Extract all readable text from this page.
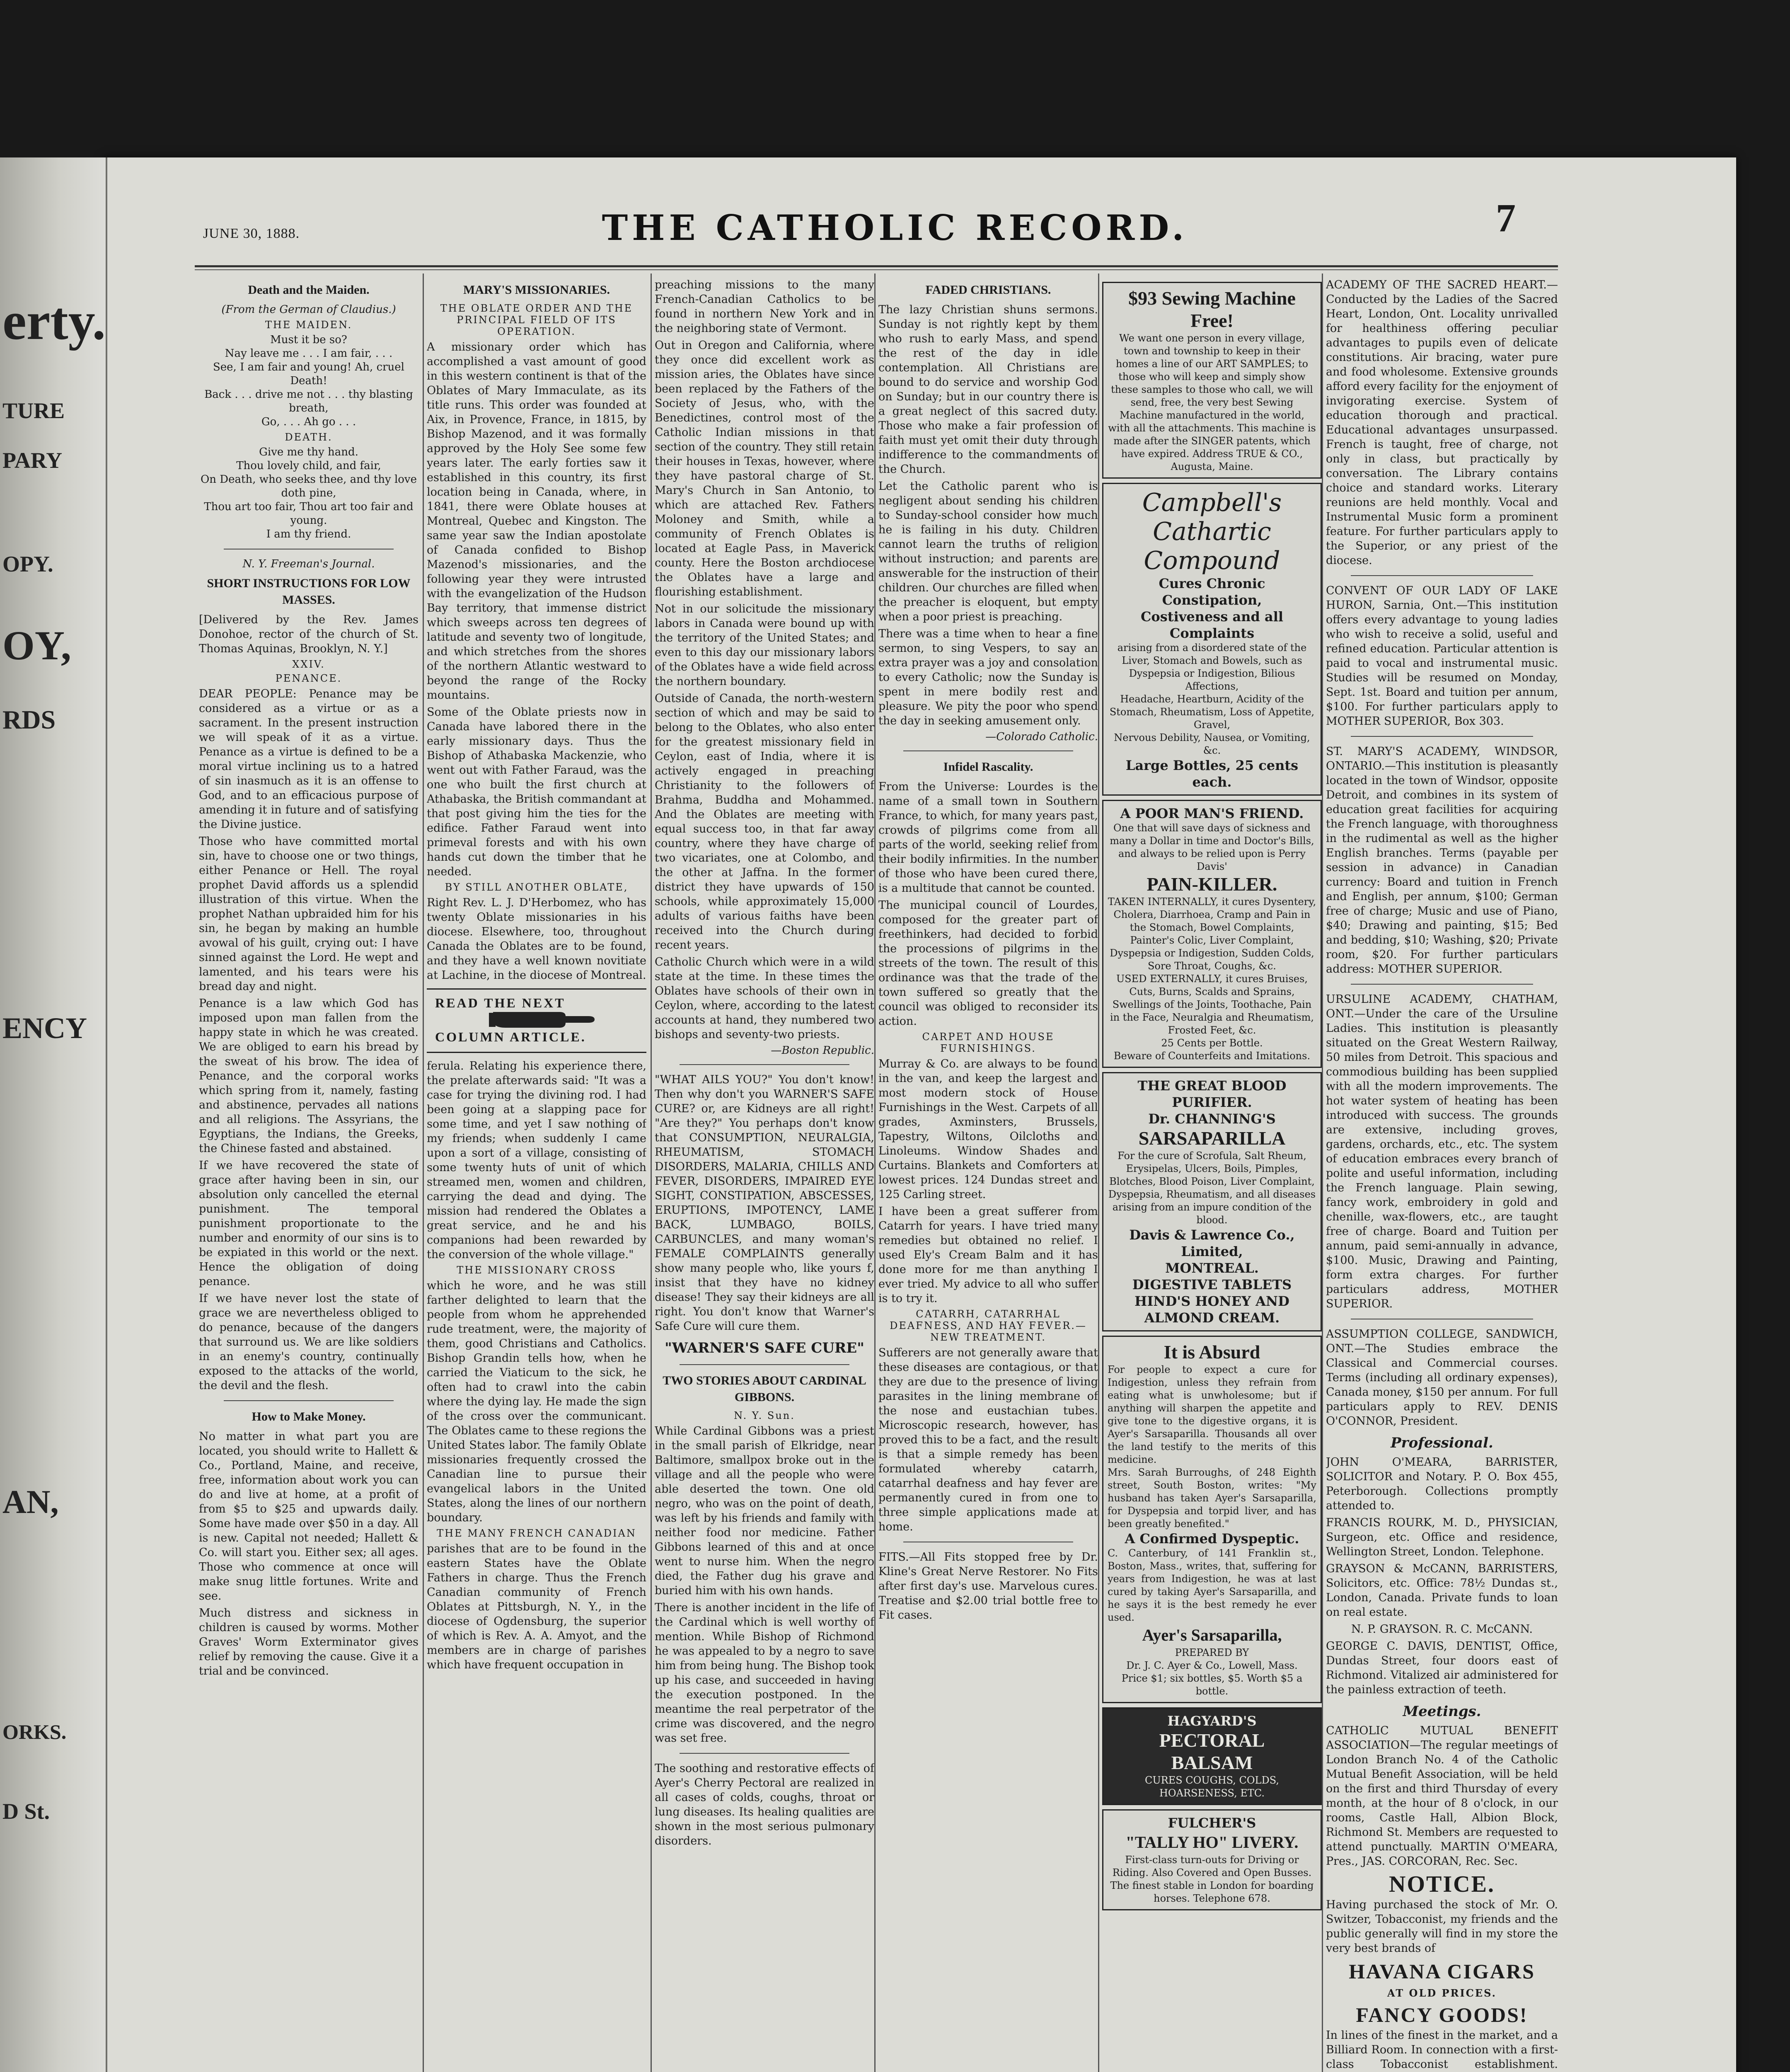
erty.
TURE
PARY
OPY.
OY,
RDS
ENCY
AN,
ORKS.
D St.
JUNE 30, 1888.	THE CATHOLIC RECORD.	7
Death and the Maiden.
(From the German of Claudius.)
THE MAIDEN.

Must it be so?

Nay leave me . . . I am fair, . . .

See, I am fair and young! Ah, cruel Death!

Back . . . drive me not . . . thy blasting breath,

Go, . . . Ah go . . .

DEATH.

Give me thy hand.

Thou lovely child, and fair,

On Death, who seeks thee, and thy love doth pine,

Thou art too fair, Thou art too fair and young.

I am thy friend.

N. Y. Freeman's Journal.
SHORT INSTRUCTIONS FOR LOW MASSES.

[Delivered by the Rev. James Donohoe, rector of the church of St. Thomas Aquinas, Brooklyn, N. Y.]

XXIV.
PENANCE.

DEAR PEOPLE: Penance may be considered as a virtue or as a sacrament. In the present instruction we will speak of it as a virtue. Penance as a virtue is defined to be a moral virtue inclining us to a hatred of sin inasmuch as it is an offense to God, and to an efficacious purpose of amending it in future and of satisfying the Divine justice.

Those who have committed mortal sin, have to choose one or two things, either Penance or Hell. The royal prophet David affords us a splendid illustration of this virtue. When the prophet Nathan upbraided him for his sin, he began by making an humble avowal of his guilt, crying out: I have sinned against the Lord. He wept and lamented, and his tears were his bread day and night.

Penance is a law which God has imposed upon man fallen from the happy state in which he was created. We are obliged to earn his bread by the sweat of his brow. The idea of Penance, and the corporal works which spring from it, namely, fasting and abstinence, pervades all nations and all religions. The Assyrians, the Egyptians, the Indians, the Greeks, the Chinese fasted and abstained.

If we have recovered the state of grace after having been in sin, our absolution only cancelled the eternal punishment. The temporal punishment proportionate to the number and enormity of our sins is to be expiated in this world or the next. Hence the obligation of doing penance.

If we have never lost the state of grace we are nevertheless obliged to do penance, because of the dangers that surround us. We are like soldiers in an enemy's country, continually exposed to the attacks of the world, the devil and the flesh.

How to Make Money.

No matter in what part you are located, you should write to Hallett & Co., Portland, Maine, and receive, free, information about work you can do and live at home, at a profit of from $5 to $25 and upwards daily. Some have made over $50 in a day. All is new. Capital not needed; Hallett & Co. will start you. Either sex; all ages. Those who commence at once will make snug little fortunes. Write and see.

Much distress and sickness in children is caused by worms. Mother Graves' Worm Exterminator gives relief by removing the cause. Give it a trial and be convinced.

MARY'S MISSIONARIES.
THE OBLATE ORDER AND THE PRINCIPAL FIELD OF ITS OPERATION.

A missionary order which has accomplished a vast amount of good in this western continent is that of the Oblates of Mary Immaculate, as its title runs. This order was founded at Aix, in Provence, France, in 1815, by Bishop Mazenod, and it was formally approved by the Holy See some few years later. The early forties saw it established in this country, its first location being in Canada, where, in 1841, there were Oblate houses at Montreal, Quebec and Kingston. The same year saw the Indian apostolate of Canada confided to Bishop Mazenod's missionaries, and the following year they were intrusted with the evangelization of the Hudson Bay territory, that immense district which sweeps across ten degrees of latitude and seventy two of longitude, and which stretches from the shores of the northern Atlantic westward to beyond the range of the Rocky mountains.

Some of the Oblate priests now in Canada have labored there in the early missionary days. Thus the Bishop of Athabaska Mackenzie, who went out with Father Faraud, was the one who built the first church at Athabaska, the British commandant at that post giving him the ties for the edifice. Father Faraud went into primeval forests and with his own hands cut down the timber that he needed.

BY STILL ANOTHER OBLATE,

Right Rev. L. J. D'Herbomez, who has twenty Oblate missionaries in his diocese. Elsewhere, too, throughout Canada the Oblates are to be found, and they have a well known novitiate at Lachine, in the diocese of Montreal.

READ THE NEXT
COLUMN ARTICLE.

ferula. Relating his experience there, the prelate afterwards said: "It was a case for trying the divining rod. I had been going at a slapping pace for some time, and yet I saw nothing of my friends; when suddenly I came upon a sort of a village, consisting of some twenty huts of unit of which streamed men, women and children, carrying the dead and dying. The mission had rendered the Oblates a great service, and he and his companions had been rewarded by the conversion of the whole village."

THE MISSIONARY CROSS

which he wore, and he was still farther delighted to learn that the people from whom he apprehended rude treatment, were, the majority of them, good Christians and Catholics. Bishop Grandin tells how, when he carried the Viaticum to the sick, he often had to crawl into the cabin where the dying lay. He made the sign of the cross over the communicant. The Oblates came to these regions the United States labor. The family Oblate missionaries frequently crossed the Canadian line to pursue their evangelical labors in the United States, along the lines of our northern boundary.

THE MANY FRENCH CANADIAN

parishes that are to be found in the eastern States have the Oblate Fathers in charge. Thus the French Canadian community of French Oblates at Pittsburgh, N. Y., in the diocese of Ogdensburg, the superior of which is Rev. A. A. Amyot, and the members are in charge of parishes which have frequent occupation in

preaching missions to the many French-Canadian Catholics to be found in northern New York and in the neighboring state of Vermont.

Out in Oregon and California, where they once did excellent work as mission aries, the Oblates have since been replaced by the Fathers of the Society of Jesus, who, with the Benedictines, control most of the Catholic Indian missions in that section of the country. They still retain their houses in Texas, however, where they have pastoral charge of St. Mary's Church in San Antonio, to which are attached Rev. Fathers Moloney and Smith, while a community of French Oblates is located at Eagle Pass, in Maverick county. Here the Boston archdiocese the Oblates have a large and flourishing establishment.

Not in our solicitude the missionary labors in Canada were bound up with the territory of the United States; and even to this day our missionary labors of the Oblates have a wide field across the northern boundary.

Outside of Canada, the north-western section of which and may be said to belong to the Oblates, who also enter for the greatest missionary field in Ceylon, east of India, where it is actively engaged in preaching Christianity to the followers of Brahma, Buddha and Mohammed. And the Oblates are meeting with equal success too, in that far away country, where they have charge of two vicariates, one at Colombo, and the other at Jaffna. In the former district they have upwards of 150 schools, while approximately 15,000 adults of various faiths have been received into the Church during recent years.

Catholic Church which were in a wild state at the time. In these times the Oblates have schools of their own in Ceylon, where, according to the latest accounts at hand, they numbered two bishops and seventy-two priests.

—Boston Republic.

"WHAT AILS YOU?" You don't know! Then why don't you WARNER'S SAFE CURE? or, are Kidneys are all right! "Are they?" You perhaps don't know that CONSUMPTION, NEURALGIA, RHEUMATISM, STOMACH DISORDERS, MALARIA, CHILLS AND FEVER, DISORDERS, IMPAIRED EYE SIGHT, CONSTIPATION, ABSCESSES, ERUPTIONS, IMPOTENCY, LAME BACK, LUMBAGO, BOILS, CARBUNCLES, and many woman's FEMALE COMPLAINTS generally show many people who, like yours f, insist that they have no kidney disease! They say their kidneys are all right. You don't know that Warner's Safe Cure will cure them.

"WARNER'S SAFE CURE"
TWO STORIES ABOUT CARDINAL GIBBONS.
N. Y. Sun.

While Cardinal Gibbons was a priest in the small parish of Elkridge, near Baltimore, smallpox broke out in the village and all the people who were able deserted the town. One old negro, who was on the point of death, was left by his friends and family with neither food nor medicine. Father Gibbons learned of this and at once went to nurse him. When the negro died, the Father dug his grave and buried him with his own hands.

There is another incident in the life of the Cardinal which is well worthy of mention. While Bishop of Richmond he was appealed to by a negro to save him from being hung. The Bishop took up his case, and succeeded in having the execution postponed. In the meantime the real perpetrator of the crime was discovered, and the negro was set free.

The soothing and restorative effects of Ayer's Cherry Pectoral are realized in all cases of colds, coughs, throat or lung diseases. Its healing qualities are shown in the most serious pulmonary disorders.

FADED CHRISTIANS.

The lazy Christian shuns sermons. Sunday is not rightly kept by them who rush to early Mass, and spend the rest of the day in idle contemplation. All Christians are bound to do service and worship God on Sunday; but in our country there is a great neglect of this sacred duty. Those who make a fair profession of faith must yet omit their duty through indifference to the commandments of the Church.

Let the Catholic parent who is negligent about sending his children to Sunday-school consider how much he is failing in his duty. Children cannot learn the truths of religion without instruction; and parents are answerable for the instruction of their children. Our churches are filled when the preacher is eloquent, but empty when a poor priest is preaching.

There was a time when to hear a fine sermon, to sing Vespers, to say an extra prayer was a joy and consolation to every Catholic; now the Sunday is spent in mere bodily rest and pleasure. We pity the poor who spend the day in seeking amusement only.

—Colorado Catholic.
Infidel Rascality.

From the Universe: Lourdes is the name of a small town in Southern France, to which, for many years past, crowds of pilgrims come from all parts of the world, seeking relief from their bodily infirmities. In the number of those who have been cured there, is a multitude that cannot be counted.

The municipal council of Lourdes, composed for the greater part of freethinkers, had decided to forbid the processions of pilgrims in the streets of the town. The result of this ordinance was that the trade of the town suffered so greatly that the council was obliged to reconsider its action.

CARPET AND HOUSE FURNISHINGS.

Murray & Co. are always to be found in the van, and keep the largest and most modern stock of House Furnishings in the West. Carpets of all grades, Axminsters, Brussels, Tapestry, Wiltons, Oilcloths and Linoleums. Window Shades and Curtains. Blankets and Comforters at lowest prices. 124 Dundas street and 125 Carling street.

I have been a great sufferer from Catarrh for years. I have tried many remedies but obtained no relief. I used Ely's Cream Balm and it has done more for me than anything I ever tried. My advice to all who suffer is to try it.

CATARRH, CATARRHAL DEAFNESS, AND HAY FEVER.—NEW TREATMENT.

Sufferers are not generally aware that these diseases are contagious, or that they are due to the presence of living parasites in the lining membrane of the nose and eustachian tubes. Microscopic research, however, has proved this to be a fact, and the result is that a simple remedy has been formulated whereby catarrh, catarrhal deafness and hay fever are permanently cured in from one to three simple applications made at home.

FITS.—All Fits stopped free by Dr. Kline's Great Nerve Restorer. No Fits after first day's use. Marvelous cures. Treatise and $2.00 trial bottle free to Fit cases.

$93 Sewing Machine Free!
We want one person in every village, town and township to keep in their homes a line of our ART SAMPLES; to those who will keep and simply show these samples to those who call, we will send, free, the very best Sewing Machine manufactured in the world, with all the attachments. This machine is made after the SINGER patents, which have expired. Address TRUE & CO., Augusta, Maine.
Campbell's
Cathartic
Compound
Cures Chronic Constipation,
Costiveness and all Complaints
arising from a disordered state of the Liver, Stomach and Bowels, such as
Dyspepsia or Indigestion, Bilious Affections,
Headache, Heartburn, Acidity of the Stomach, Rheumatism, Loss of Appetite, Gravel,
Nervous Debility, Nausea, or Vomiting, &c.
Large Bottles, 25 cents each.
A POOR MAN'S FRIEND.
One that will save days of sickness and many a Dollar in time and Doctor's Bills, and always to be relied upon is Perry Davis'
PAIN-KILLER.
TAKEN INTERNALLY, it cures Dysentery, Cholera, Diarrhoea, Cramp and Pain in the Stomach, Bowel Complaints, Painter's Colic, Liver Complaint, Dyspepsia or Indigestion, Sudden Colds, Sore Throat, Coughs, &c.
USED EXTERNALLY, it cures Bruises, Cuts, Burns, Scalds and Sprains, Swellings of the Joints, Toothache, Pain in the Face, Neuralgia and Rheumatism, Frosted Feet, &c.
25 Cents per Bottle.
Beware of Counterfeits and Imitations.
THE GREAT BLOOD PURIFIER.
Dr. CHANNING'S
SARSAPARILLA
For the cure of Scrofula, Salt Rheum, Erysipelas, Ulcers, Boils, Pimples, Blotches, Blood Poison, Liver Complaint, Dyspepsia, Rheumatism, and all diseases arising from an impure condition of the blood.
Davis & Lawrence Co., Limited,
MONTREAL.
DIGESTIVE TABLETS
HIND'S HONEY AND ALMOND CREAM.
It is Absurd
For people to expect a cure for Indigestion, unless they refrain from eating what is unwholesome; but if anything will sharpen the appetite and give tone to the digestive organs, it is Ayer's Sarsaparilla. Thousands all over the land testify to the merits of this medicine.
Mrs. Sarah Burroughs, of 248 Eighth street, South Boston, writes: "My husband has taken Ayer's Sarsaparilla, for Dyspepsia and torpid liver, and has been greatly benefited."
A Confirmed Dyspeptic.
C. Canterbury, of 141 Franklin st., Boston, Mass., writes, that, suffering for years from Indigestion, he was at last cured by taking Ayer's Sarsaparilla, and he says it is the best remedy he ever used.
Ayer's Sarsaparilla,
PREPARED BY
Dr. J. C. Ayer & Co., Lowell, Mass.
Price $1; six bottles, $5. Worth $5 a bottle.
HAGYARD'S
PECTORAL
BALSAM
CURES COUGHS, COLDS, HOARSENESS, ETC.
FULCHER'S
"TALLY HO" LIVERY.
First-class turn-outs for Driving or Riding. Also Covered and Open Busses. The finest stable in London for boarding horses. Telephone 678.

ACADEMY OF THE SACRED HEART.—Conducted by the Ladies of the Sacred Heart, London, Ont. Locality unrivalled for healthiness offering peculiar advantages to pupils even of delicate constitutions. Air bracing, water pure and food wholesome. Extensive grounds afford every facility for the enjoyment of invigorating exercise. System of education thorough and practical. Educational advantages unsurpassed. French is taught, free of charge, not only in class, but practically by conversation. The Library contains choice and standard works. Literary reunions are held monthly. Vocal and Instrumental Music form a prominent feature. For further particulars apply to the Superior, or any priest of the diocese.

CONVENT OF OUR LADY OF LAKE HURON, Sarnia, Ont.—This institution offers every advantage to young ladies who wish to receive a solid, useful and refined education. Particular attention is paid to vocal and instrumental music. Studies will be resumed on Monday, Sept. 1st. Board and tuition per annum, $100. For further particulars apply to MOTHER SUPERIOR, Box 303.

ST. MARY'S ACADEMY, WINDSOR, ONTARIO.—This institution is pleasantly located in the town of Windsor, opposite Detroit, and combines in its system of education great facilities for acquiring the French language, with thoroughness in the rudimental as well as the higher English branches. Terms (payable per session in advance) in Canadian currency: Board and tuition in French and English, per annum, $100; German free of charge; Music and use of Piano, $40; Drawing and painting, $15; Bed and bedding, $10; Washing, $20; Private room, $20. For further particulars address: MOTHER SUPERIOR.

URSULINE ACADEMY, CHATHAM, ONT.—Under the care of the Ursuline Ladies. This institution is pleasantly situated on the Great Western Railway, 50 miles from Detroit. This spacious and commodious building has been supplied with all the modern improvements. The hot water system of heating has been introduced with success. The grounds are extensive, including groves, gardens, orchards, etc., etc. The system of education embraces every branch of polite and useful information, including the French language. Plain sewing, fancy work, embroidery in gold and chenille, wax-flowers, etc., are taught free of charge. Board and Tuition per annum, paid semi-annually in advance, $100. Music, Drawing and Painting, form extra charges. For further particulars address, MOTHER SUPERIOR.

ASSUMPTION COLLEGE, SANDWICH, ONT.—The Studies embrace the Classical and Commercial courses. Terms (including all ordinary expenses), Canada money, $150 per annum. For full particulars apply to REV. DENIS O'CONNOR, President.

Professional.

JOHN O'MEARA, BARRISTER, SOLICITOR and Notary. P. O. Box 455, Peterborough. Collections promptly attended to.

FRANCIS ROURK, M. D., PHYSICIAN, Surgeon, etc. Office and residence, Wellington Street, London. Telephone.

GRAYSON & McCANN, BARRISTERS, Solicitors, etc. Office: 78½ Dundas st., London, Canada. Private funds to loan on real estate.

N. P. GRAYSON. R. C. McCANN.

GEORGE C. DAVIS, DENTIST, Office, Dundas Street, four doors east of Richmond. Vitalized air administered for the painless extraction of teeth.

Meetings.

CATHOLIC MUTUAL BENEFIT ASSOCIATION—The regular meetings of London Branch No. 4 of the Catholic Mutual Benefit Association, will be held on the first and third Thursday of every month, at the hour of 8 o'clock, in our rooms, Castle Hall, Albion Block, Richmond St. Members are requested to attend punctually. MARTIN O'MEARA, Pres., JAS. CORCORAN, Rec. Sec.

NOTICE.

Having purchased the stock of Mr. O. Switzer, Tobacconist, my friends and the public generally will find in my store the very best brands of

HAVANA CIGARS
AT OLD PRICES.
FANCY GOODS!

In lines of the finest in the market, and a Billiard Room. In connection with a first-class Tobacconist establishment.
